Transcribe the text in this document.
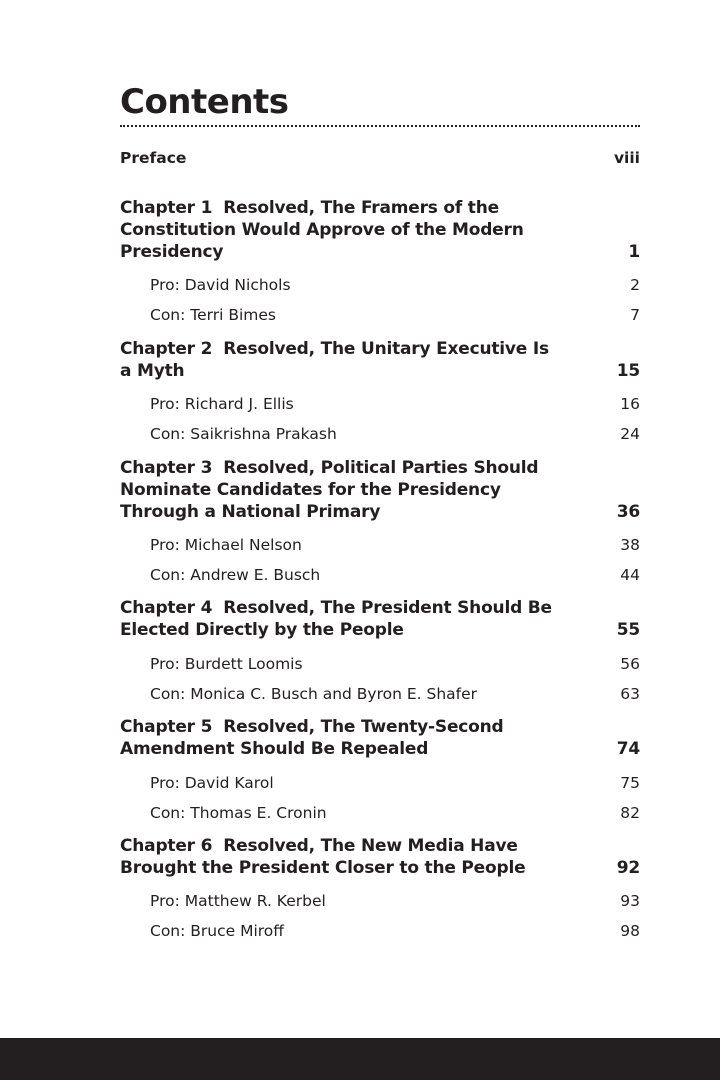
Contents
Preface	viii
Chapter 1 Resolved, The Framers of the Constitution Would Approve of the Modern Presidency	1
Pro: David Nichols	2
Con: Terri Bimes	7
Chapter 2 Resolved, The Unitary Executive Is a Myth	15
Pro: Richard J. Ellis	16
Con: Saikrishna Prakash	24
Chapter 3 Resolved, Political Parties Should Nominate Candidates for the Presidency Through a National Primary	36
Pro: Michael Nelson	38
Con: Andrew E. Busch	44
Chapter 4 Resolved, The President Should Be Elected Directly by the People	55
Pro: Burdett Loomis	56
Con: Monica C. Busch and Byron E. Shafer	63
Chapter 5 Resolved, The Twenty-Second Amendment Should Be Repealed	74
Pro: David Karol	75
Con: Thomas E. Cronin	82
Chapter 6 Resolved, The New Media Have Brought the President Closer to the People	92
Pro: Matthew R. Kerbel	93
Con: Bruce Miroff	98
